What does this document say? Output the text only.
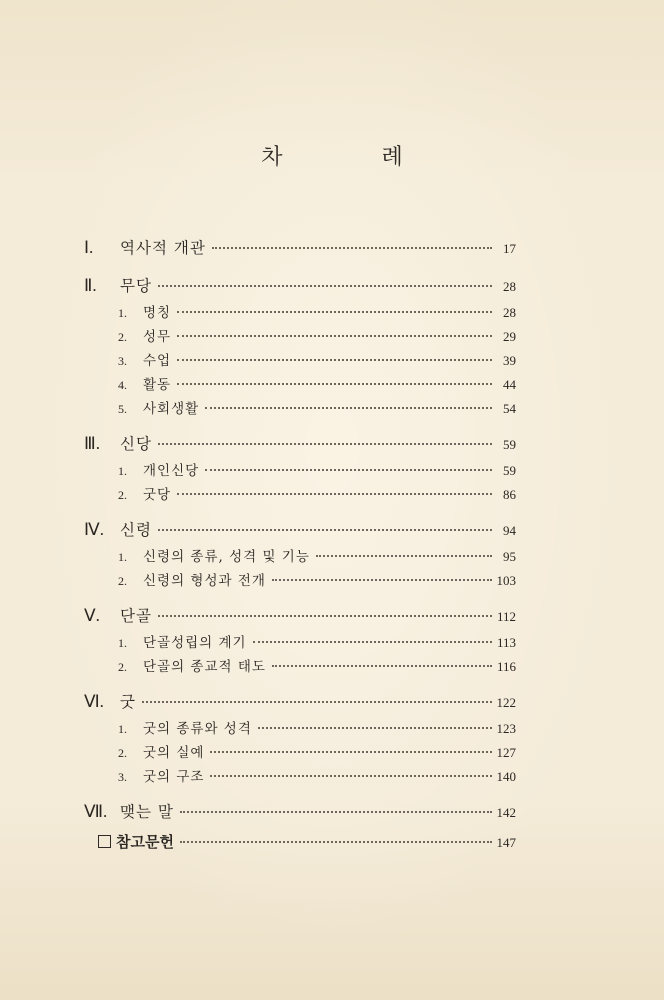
차 례
Ⅰ.	역사적 개관	17
Ⅱ.	무당	28
1.	명칭	28
2.	성무	29
3.	수업	39
4.	활동	44
5.	사회생활	54
Ⅲ.	신당	59
1.	개인신당	59
2.	굿당	86
Ⅳ.	신령	94
1.	신령의 종류, 성격 및 기능	95
2.	신령의 형성과 전개	103
Ⅴ.	단골	112
1.	단골성립의 계기	113
2.	단골의 종교적 태도	116
Ⅵ.	굿	122
1.	굿의 종류와 성격	123
2.	굿의 실예	127
3.	굿의 구조	140
Ⅶ. 맺는 말	142
참고문헌	147
